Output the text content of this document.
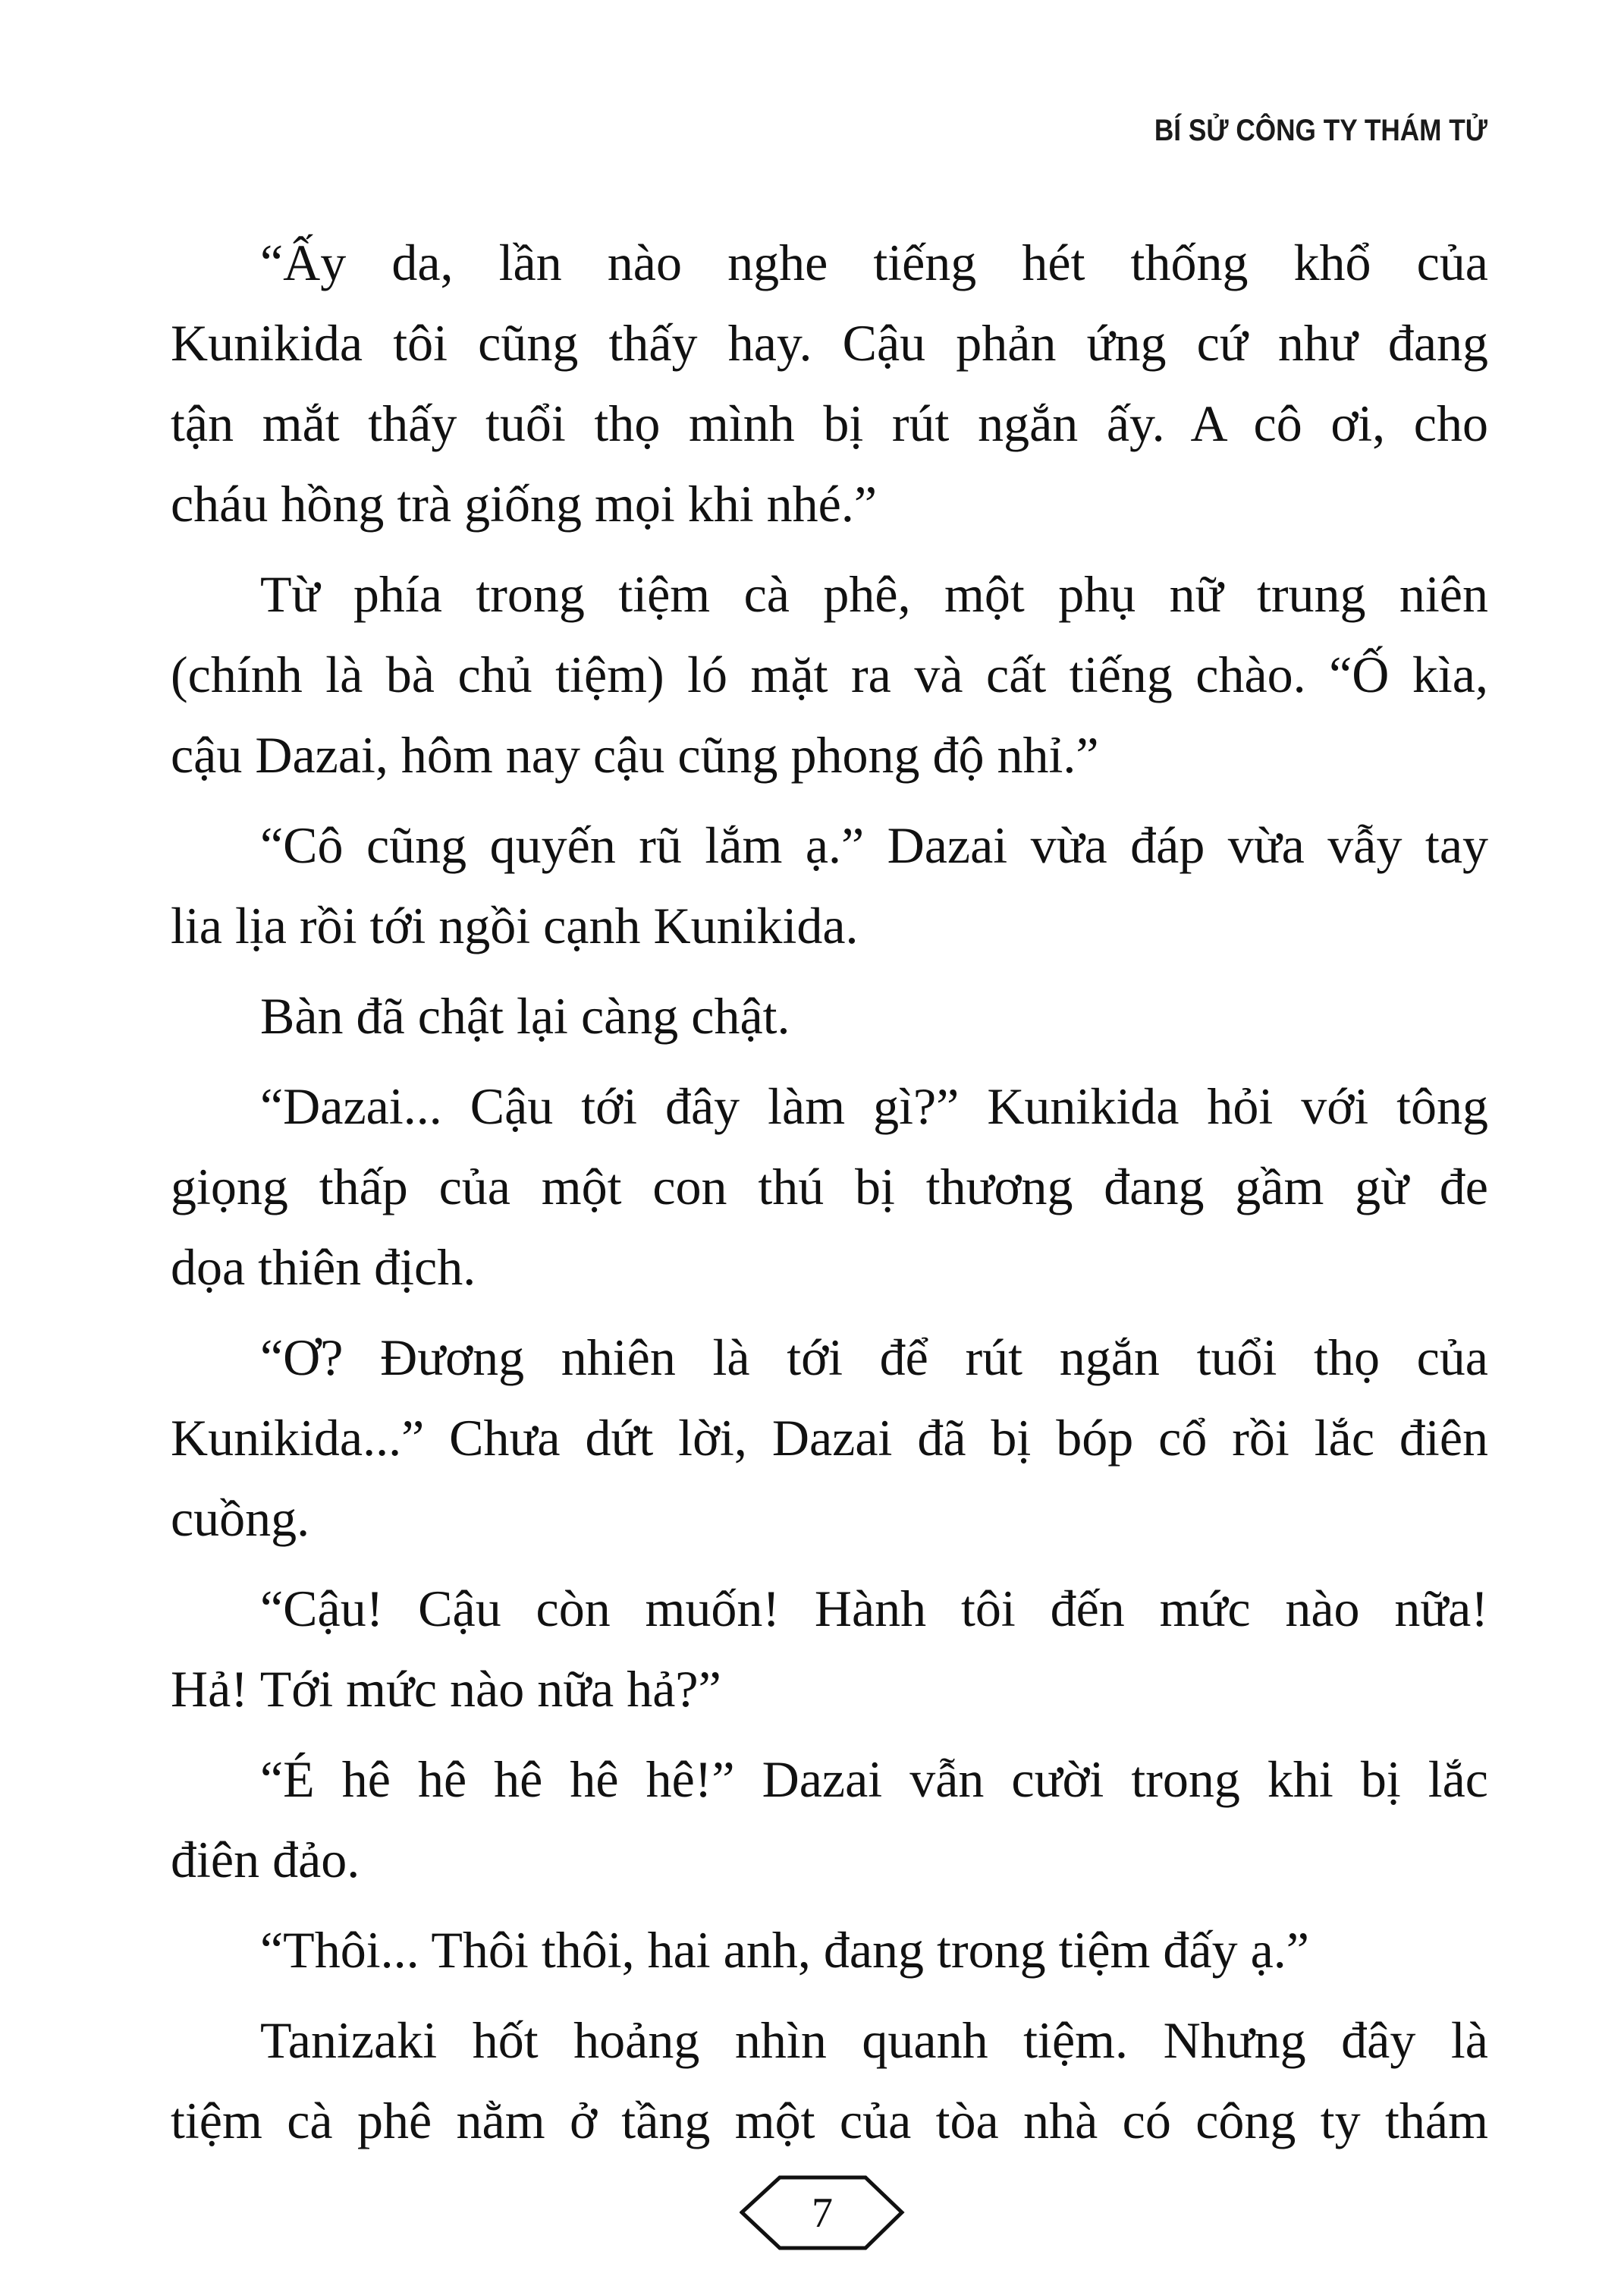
BÍ SỬ CÔNG TY THÁM TỬ
“Ấy da, lần nào nghe tiếng hét thống khổ của
Kunikida tôi cũng thấy hay. Cậu phản ứng cứ như đang
tận mắt thấy tuổi thọ mình bị rút ngắn ấy. A cô ơi, cho
cháu hồng trà giống mọi khi nhé.”
Từ phía trong tiệm cà phê, một phụ nữ trung niên
(chính là bà chủ tiệm) ló mặt ra và cất tiếng chào. “Ố kìa,
cậu Dazai, hôm nay cậu cũng phong độ nhỉ.”
“Cô cũng quyến rũ lắm ạ.” Dazai vừa đáp vừa vẫy tay
lia lịa rồi tới ngồi cạnh Kunikida.
Bàn đã chật lại càng chật.
“Dazai... Cậu tới đây làm gì?” Kunikida hỏi với tông
giọng thấp của một con thú bị thương đang gầm gừ đe
dọa thiên địch.
“Ơ? Đương nhiên là tới để rút ngắn tuổi thọ của
Kunikida...” Chưa dứt lời, Dazai đã bị bóp cổ rồi lắc điên
cuồng.
“Cậu! Cậu còn muốn! Hành tôi đến mức nào nữa!
Hả! Tới mức nào nữa hả?”
“É hê hê hê hê hê!” Dazai vẫn cười trong khi bị lắc
điên đảo.
“Thôi... Thôi thôi, hai anh, đang trong tiệm đấy ạ.”
Tanizaki hốt hoảng nhìn quanh tiệm. Nhưng đây là
tiệm cà phê nằm ở tầng một của tòa nhà có công ty thám
7
